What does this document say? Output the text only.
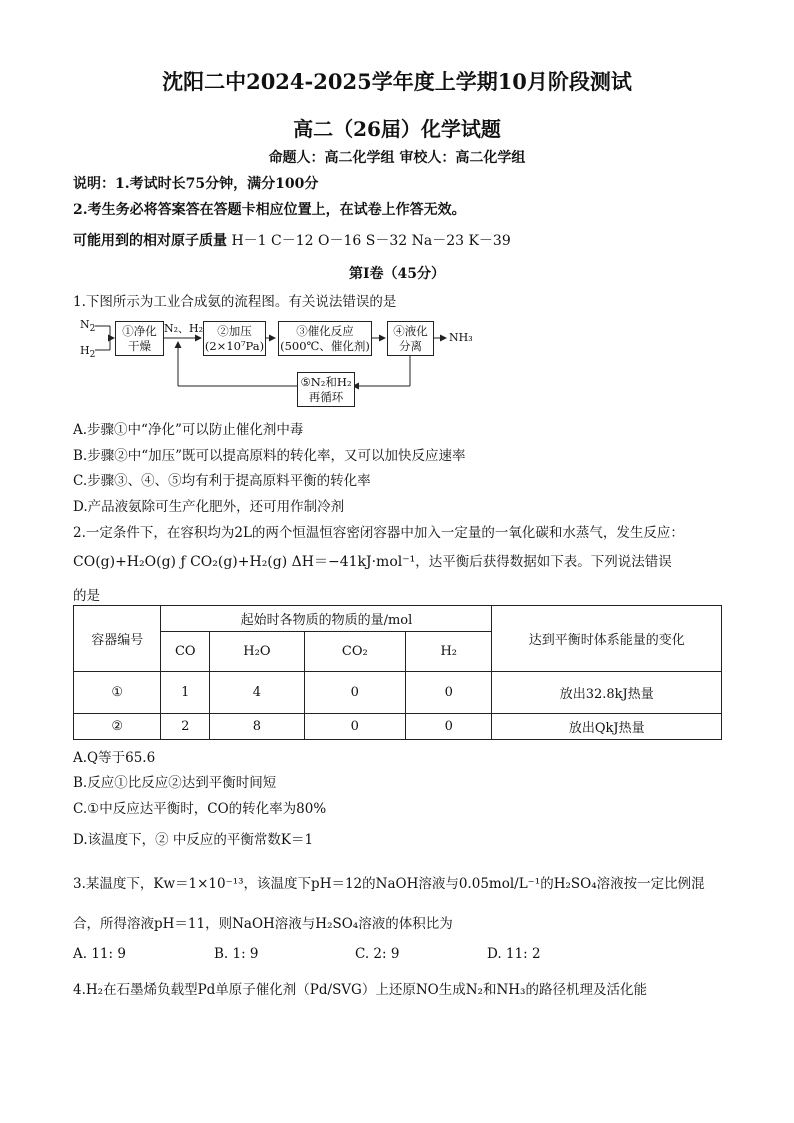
沈阳二中2024-2025学年度上学期10月阶段测试
高二（26届）化学试题
命题人：高二化学组 审校人：高二化学组
说明：1.考试时长75分钟，满分100分
2.考生务必将答案答在答题卡相应位置上，在试卷上作答无效。
可能用到的相对原子质量 H－1 C－12 O－16 S－32 Na－23 K－39
第Ⅰ卷（45分）
1.下图所示为工业合成氨的流程图。有关说法错误的是
$N_2$
$H_2$
①净化
干燥
N₂、H₂	②加压
(2×10⁷Pa)
③催化反应
(500℃、催化剂)
④液化
分离
NH₃
⑤N₂和H₂
再循环
A.步骤①中“净化”可以防止催化剂中毒
B.步骤②中“加压”既可以提高原料的转化率，又可以加快反应速率
C.步骤③、④、⑤均有利于提高原料平衡的转化率
D.产品液氨除可生产化肥外，还可用作制冷剂
2.一定条件下，在容积均为2L的两个恒温恒容密闭容器中加入一定量的一氧化碳和水蒸气，发生反应：
CO(g)+H₂O(g) ƒ CO₂(g)+H₂(g) ΔH＝−41kJ·mol⁻¹，达平衡后获得数据如下表。下列说法错误
的是
容器编号	起始时各物质的物质的量/mol				达到平衡时体系能量的变化
	CO	H₂O	CO₂	H₂	
①	1	4	0	0	放出32.8kJ热量
②	2	8	0	0	放出QkJ热量
A.Q等于65.6
B.反应①比反应②达到平衡时间短
C.①中反应达平衡时，CO的转化率为80%
D.该温度下，② 中反应的平衡常数K＝1
3.某温度下，Kw＝1×10⁻¹³，该温度下pH＝12的NaOH溶液与0.05mol/L⁻¹的H₂SO₄溶液按一定比例混
合，所得溶液pH＝11，则NaOH溶液与H₂SO₄溶液的体积比为
A. 11: 9	B. 1: 9	C. 2: 9	D. 11: 2
4.H₂在石墨烯负载型Pd单原子催化剂（Pd/SVG）上还原NO生成N₂和NH₃的路径机理及活化能
